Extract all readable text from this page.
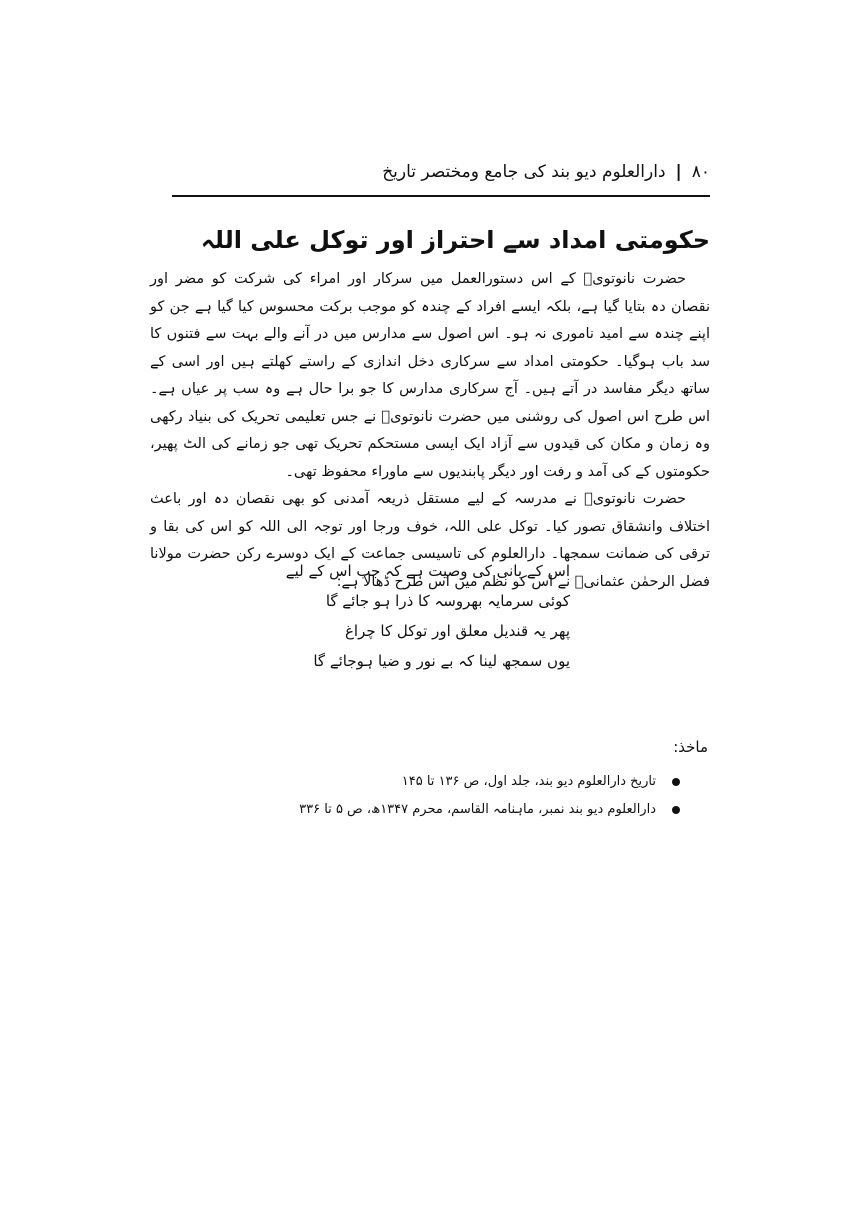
۸۰
|
دارالعلوم دیو بند کی جامع ومختصر تاریخ
حکومتی امداد سے احتراز اور توکل علی اللہ

حضرت نانوتویؒ کے اس دستورالعمل میں سرکار اور امراء کی شرکت کو مضر اور نقصان دہ بتایا گیا ہے، بلکہ ایسے افراد کے چندہ کو موجب برکت محسوس کیا گیا ہے جن کو اپنے چندہ سے امید ناموری نہ ہو۔ اس اصول سے مدارس میں در آنے والے بہت سے فتنوں کا سد باب ہوگیا۔ حکومتی امداد سے سرکاری دخل اندازی کے راستے کھلتے ہیں اور اسی کے ساتھ دیگر مفاسد در آتے ہیں۔ آج سرکاری مدارس کا جو برا حال ہے وہ سب پر عیاں ہے۔ اس طرح اس اصول کی روشنی میں حضرت نانوتویؒ نے جس تعلیمی تحریک کی بنیاد رکھی وہ زمان و مکان کی قیدوں سے آزاد ایک ایسی مستحکم تحریک تھی جو زمانے کی الٹ پھیر، حکومتوں کے کی آمد و رفت اور دیگر پابندیوں سے ماوراء محفوظ تھی۔

حضرت نانوتویؒ نے مدرسہ کے لیے مستقل ذریعہ آمدنی کو بھی نقصان دہ اور باعث اختلاف وانشقاق تصور کیا۔ توکل علی اللہ، خوف ورجا اور توجہ الی اللہ کو اس کی بقا و ترقی کی ضمانت سمجھا۔ دارالعلوم کی تاسیسی جماعت کے ایک دوسرے رکن حضرت مولانا فضل الرحمٰن عثمانیؒ نے اس کو نظم میں اس طرح ڈھالا ہے:

اس کے بانی کی وصیت ہے کہ جب اس کے لیے
کوئی سرمایہ بھروسہ کا ذرا ہو جائے گا
پھر یہ قندیل معلق اور توکل کا چراغ
یوں سمجھ لینا کہ بے نور و ضیا ہوجائے گا
ماخذ:
تاریخ دارالعلوم دیو بند، جلد اول، ص ۱۳۶ تا ۱۴۵
دارالعلوم دیو بند نمبر، ماہنامہ القاسم، محرم ۱۳۴۷ھ، ص ۵ تا ۳۳۶
